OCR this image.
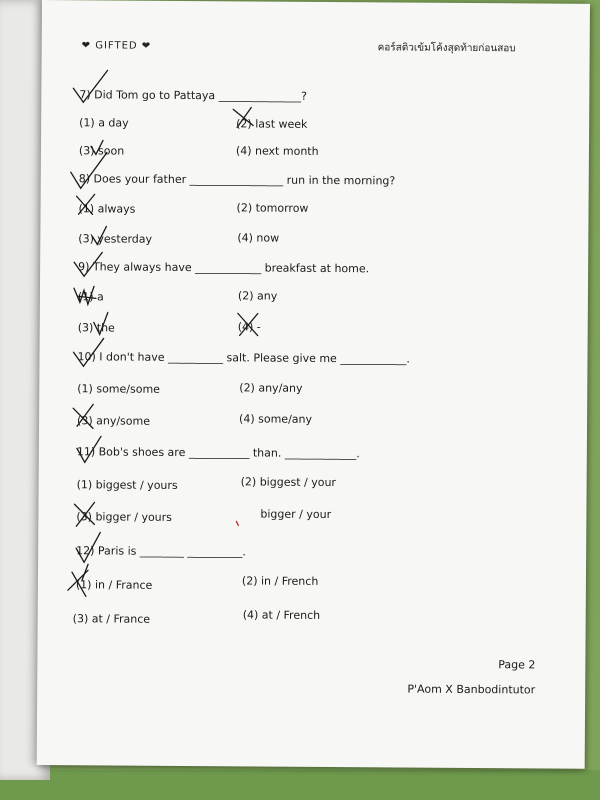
❤ GIFTED ❤	คอร์สติวเข้มโค้งสุดท้ายก่อนสอบ
7) Did Tom go to Pattaya _______________?
(1) a day	(2) last week
(3) soon	(4) next month
8) Does your father _________________ run in the morning?
(1) always	(2) tomorrow
(3) yesterday	(4) now
9) They always have ____________ breakfast at home.
(1) a	(2) any
(3) the	(4) -
10) I don't have __________ salt. Please give me ____________.
(1) some/some	(2) any/any
(3) any/some	(4) some/any
11) Bob's shoes are ___________ than. _____________.
(1) biggest / yours	(2) biggest / your
(3) bigger / yours	bigger / your
12) Paris is ________ __________.
(1) in / France	(2) in / French
(3) at / France	(4) at / French
Page 2
P'Aom X Banbodintutor
